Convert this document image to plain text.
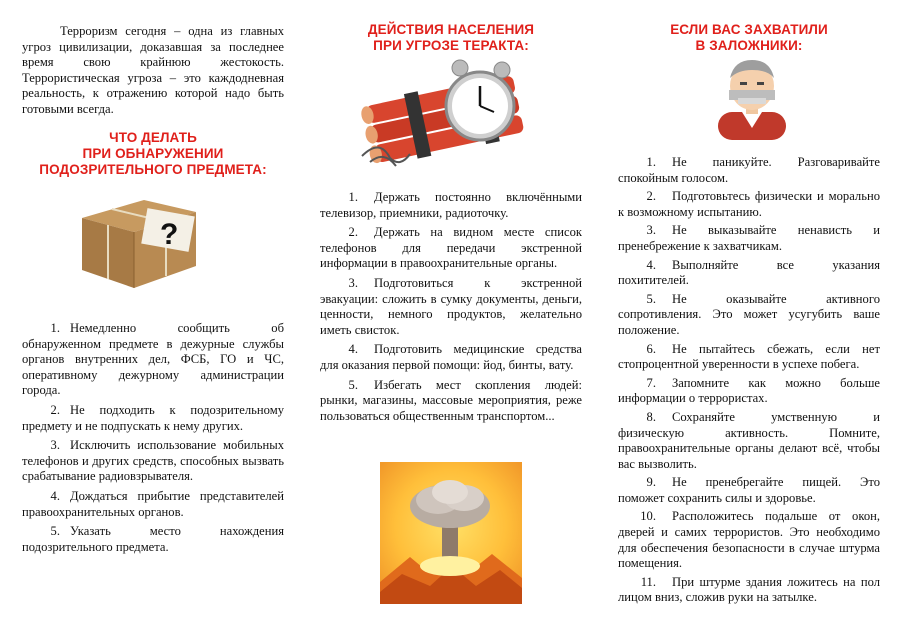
Терроризм сегодня – одна из главных угроз цивилизации, доказавшая за последнее время свою крайнюю жестокость. Террористическая угроза – это каждодневная реальность, к отражению которой надо быть готовыми всегда.

ЧТО ДЕЛАТЬ

ПРИ ОБНАРУЖЕНИИ

ПОДОЗРИТЕЛЬНОГО ПРЕДМЕТА:

?
1. Немедленно сообщить об обнаруженном предмете в дежурные службы органов внутренних дел, ФСБ, ГО и ЧС, оперативному дежурному администрации города.
2. Не подходить к подозрительному предмету и не подпускать к нему других.
3. Исключить использование мобильных телефонов и других средств, способных вызвать срабатывание радиовзрывателя.
4. Дождаться прибытие представителей правоохранительных органов.
5. Указать место нахождения подозрительного предмета.

ДЕЙСТВИЯ НАСЕЛЕНИЯ

ПРИ УГРОЗЕ ТЕРАКТА:

1. Держать постоянно включёнными телевизор, приемники, радиоточку.
2. Держать на видном месте список телефонов для передачи экстренной информации в правоохранительные органы.
3. Подготовиться к экстренной эвакуации: сложить в сумку документы, деньги, ценности, немного продуктов, желательно иметь свисток.
4. Подготовить медицинские средства для оказания первой помощи: йод, бинты, вату.
5. Избегать мест скопления людей: рынки, магазины, массовые мероприятия, реже пользоваться общественным транспортом...

ЕСЛИ ВАС ЗАХВАТИЛИ

В ЗАЛОЖНИКИ:

1. Не паникуйте. Разговаривайте спокойным голосом.
2. Подготовьтесь физически и морально к возможному испытанию.
3. Не выказывайте ненависть и пренебрежение к захватчикам.
4. Выполняйте все указания похитителей.
5. Не оказывайте активного сопротивления. Это может усугубить ваше положение.
6. Не пытайтесь сбежать, если нет стопроцентной уверенности в успехе побега.
7. Запомните как можно больше информации о террористах.
8. Сохраняйте умственную и физическую активность. Помните, правоохранительные органы делают всё, чтобы вас вызволить.
9. Не пренебрегайте пищей. Это поможет сохранить силы и здоровье.
10. Расположитесь подальше от окон, дверей и самих террористов. Это необходимо для обеспечения безопасности в случае штурма помещения.
11. При штурме здания ложитесь на пол лицом вниз, сложив руки на затылке.
